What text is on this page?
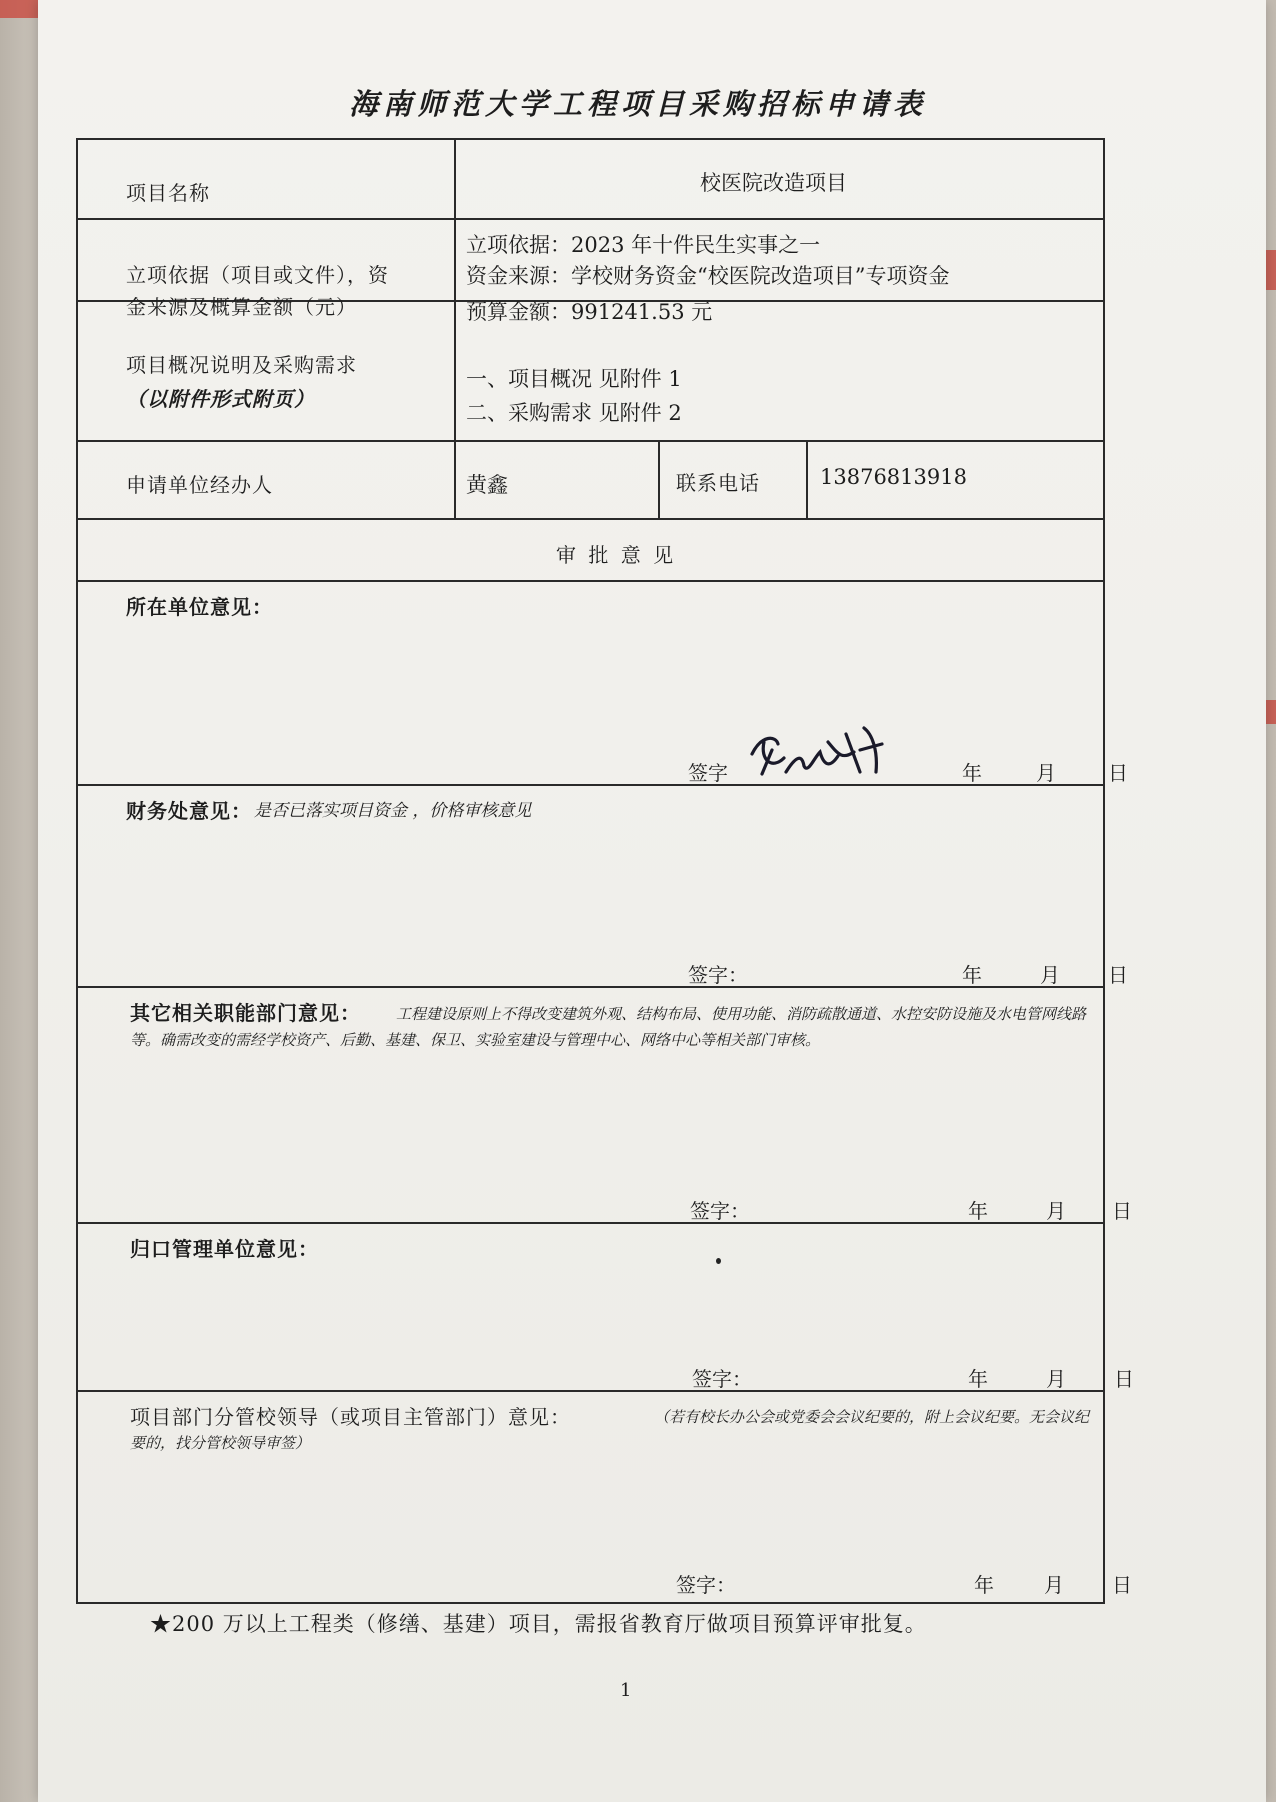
海南师范大学工程项目采购招标申请表
项目名称	校医院改造项目
立项依据（项目或文件），资
金来源及概算金额（元）
立项依据：2023 年十件民生实事之一
资金来源：学校财务资金“校医院改造项目”专项资金
预算金额：991241.53 元
项目概况说明及采购需求
（以附件形式附页）
一、项目概况 见附件 1
二、采购需求 见附件 2
申请单位经办人	黄鑫	联系电话	13876813918
审 批 意 见
所在单位意见：
签字	年	月	日
财务处意见： 是否已落实项目资金 ，价格审核意见
签字：	年	月 日
其它相关职能部门意见：	工程建设原则上不得改变建筑外观、结构布局、使用功能、消防疏散通道、水控安防设施及水电管网线路等。确需改变的需经学校资产、后勤、基建、保卫、实验室建设与管理中心、网络中心等相关部门审核。
签字：	年	月 日
归口管理单位意见：
签字：	年	月 日
项目部门分管校领导（或项目主管部门）意见：	（若有校长办公会或党委会会议纪要的，附上会议纪要。无会议纪要的，找分管校领导审签）
签字：	年	月 日
★200 万以上工程类（修缮、基建）项目，需报省教育厅做项目预算评审批复。
1
